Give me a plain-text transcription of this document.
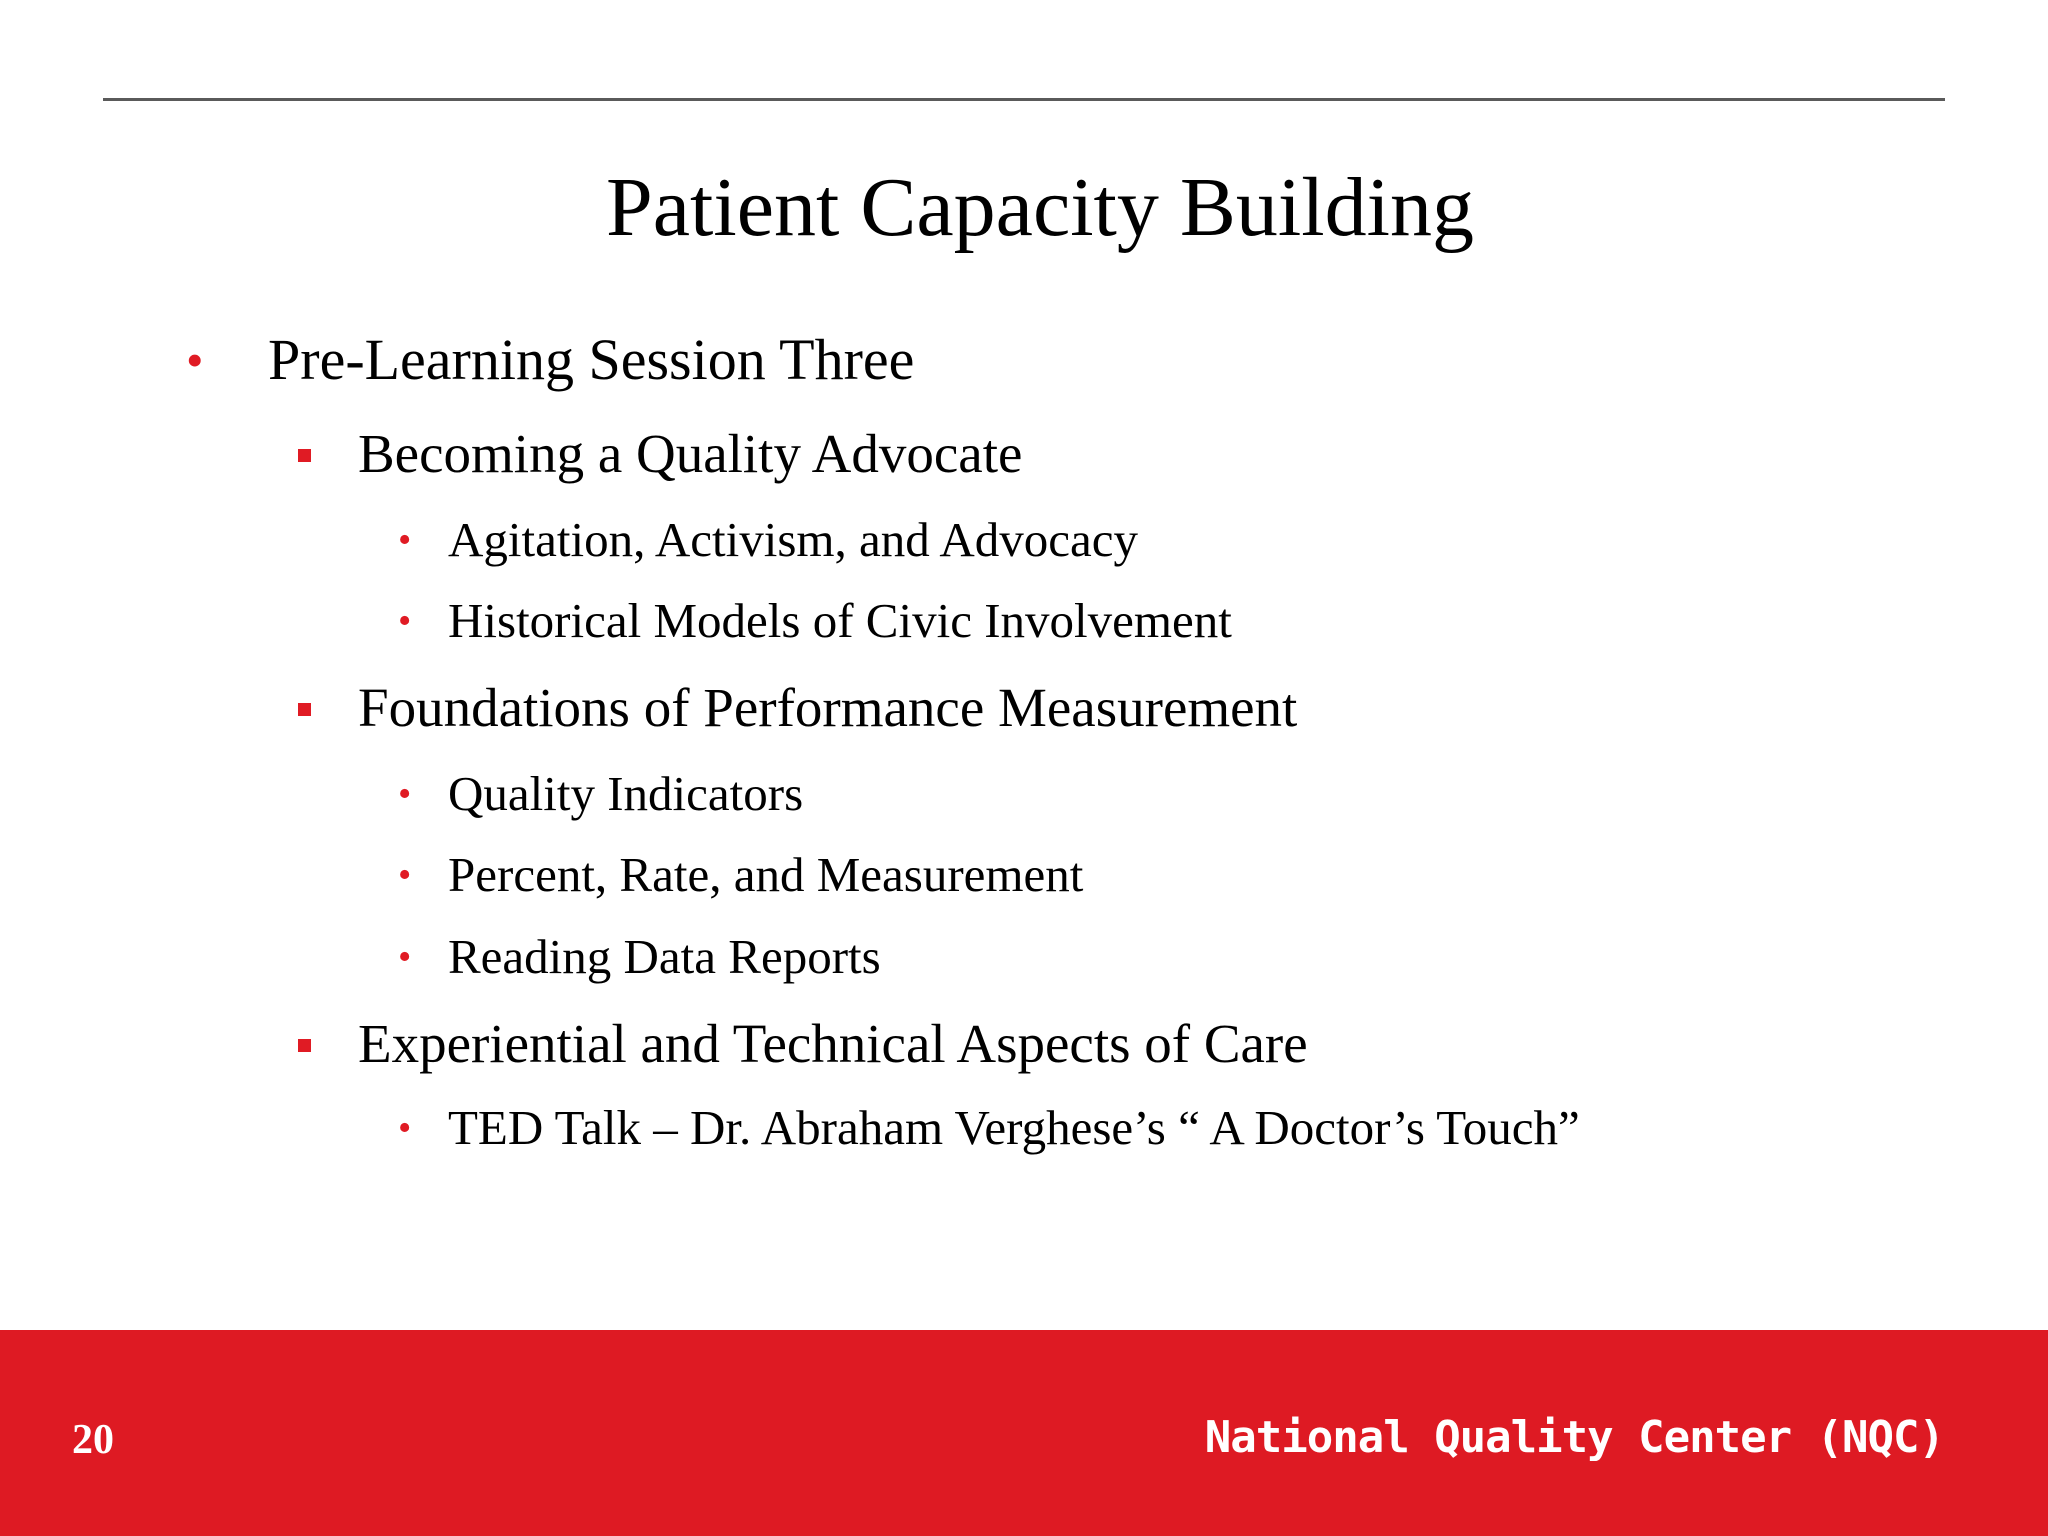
Patient Capacity Building
• Pre-Learning Session Three
Becoming a Quality Advocate
• Agitation, Activism, and Advocacy
• Historical Models of Civic Involvement
Foundations of Performance Measurement
• Quality Indicators
• Percent, Rate, and Measurement
• Reading Data Reports
Experiential and Technical Aspects of Care
• TED Talk – Dr. Abraham Verghese’s “ A Doctor’s Touch”
20	National Quality Center (NQC)
